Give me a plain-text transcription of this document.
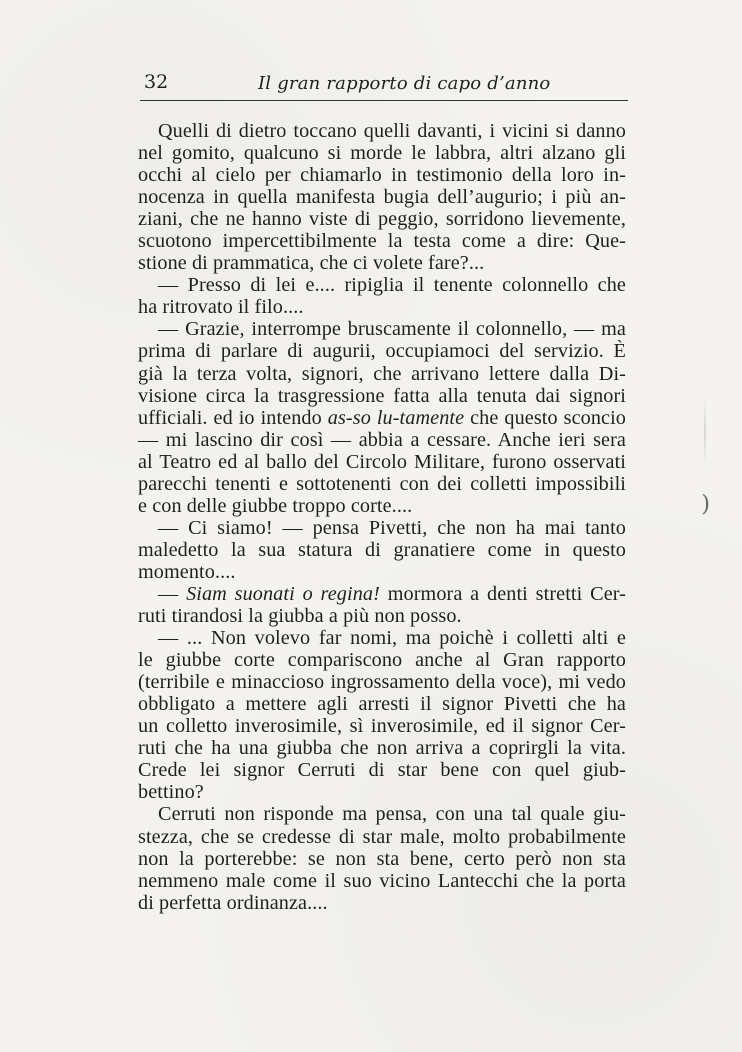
32	Il gran rapporto di capo d’anno
Quelli di dietro toccano quelli davanti, i vicini si danno
nel gomito, qualcuno si morde le labbra, altri alzano gli
occhi al cielo per chiamarlo in testimonio della loro in-
nocenza in quella manifesta bugia dell’augurio; i più an-
ziani, che ne hanno viste di peggio, sorridono lievemente,
scuotono impercettibilmente la testa come a dire: Que-
stione di prammatica, che ci volete fare?...
— Presso di lei e.... ripiglia il tenente colonnello che
ha ritrovato il filo....
— Grazie, interrompe bruscamente il colonnello, — ma
prima di parlare di augurii, occupiamoci del servizio. È
già la terza volta, signori, che arrivano lettere dalla Di-
visione circa la trasgressione fatta alla tenuta dai signori
ufficiali. ed io intendo as-so lu-tamente che questo sconcio
— mi lascino dir così — abbia a cessare. Anche ieri sera
al Teatro ed al ballo del Circolo Militare, furono osservati
parecchi tenenti e sottotenenti con dei colletti impossibili
e con delle giubbe troppo corte....
— Ci siamo! — pensa Pivetti, che non ha mai tanto
maledetto la sua statura di granatiere come in questo
momento....
— Siam suonati o regina! mormora a denti stretti Cer-
ruti tirandosi la giubba a più non posso.
— ... Non volevo far nomi, ma poichè i colletti alti e
le giubbe corte compariscono anche al Gran rapporto
(terribile e minaccioso ingrossamento della voce), mi vedo
obbligato a mettere agli arresti il signor Pivetti che ha
un colletto inverosimile, sì inverosimile, ed il signor Cer-
ruti che ha una giubba che non arriva a coprirgli la vita.
Crede lei signor Cerruti di star bene con quel giub-
bettino?
Cerruti non risponde ma pensa, con una tal quale giu-
stezza, che se credesse di star male, molto probabilmente
non la porterebbe: se non sta bene, certo però non sta
nemmeno male come il suo vicino Lantecchi che la porta
di perfetta ordinanza....
)
